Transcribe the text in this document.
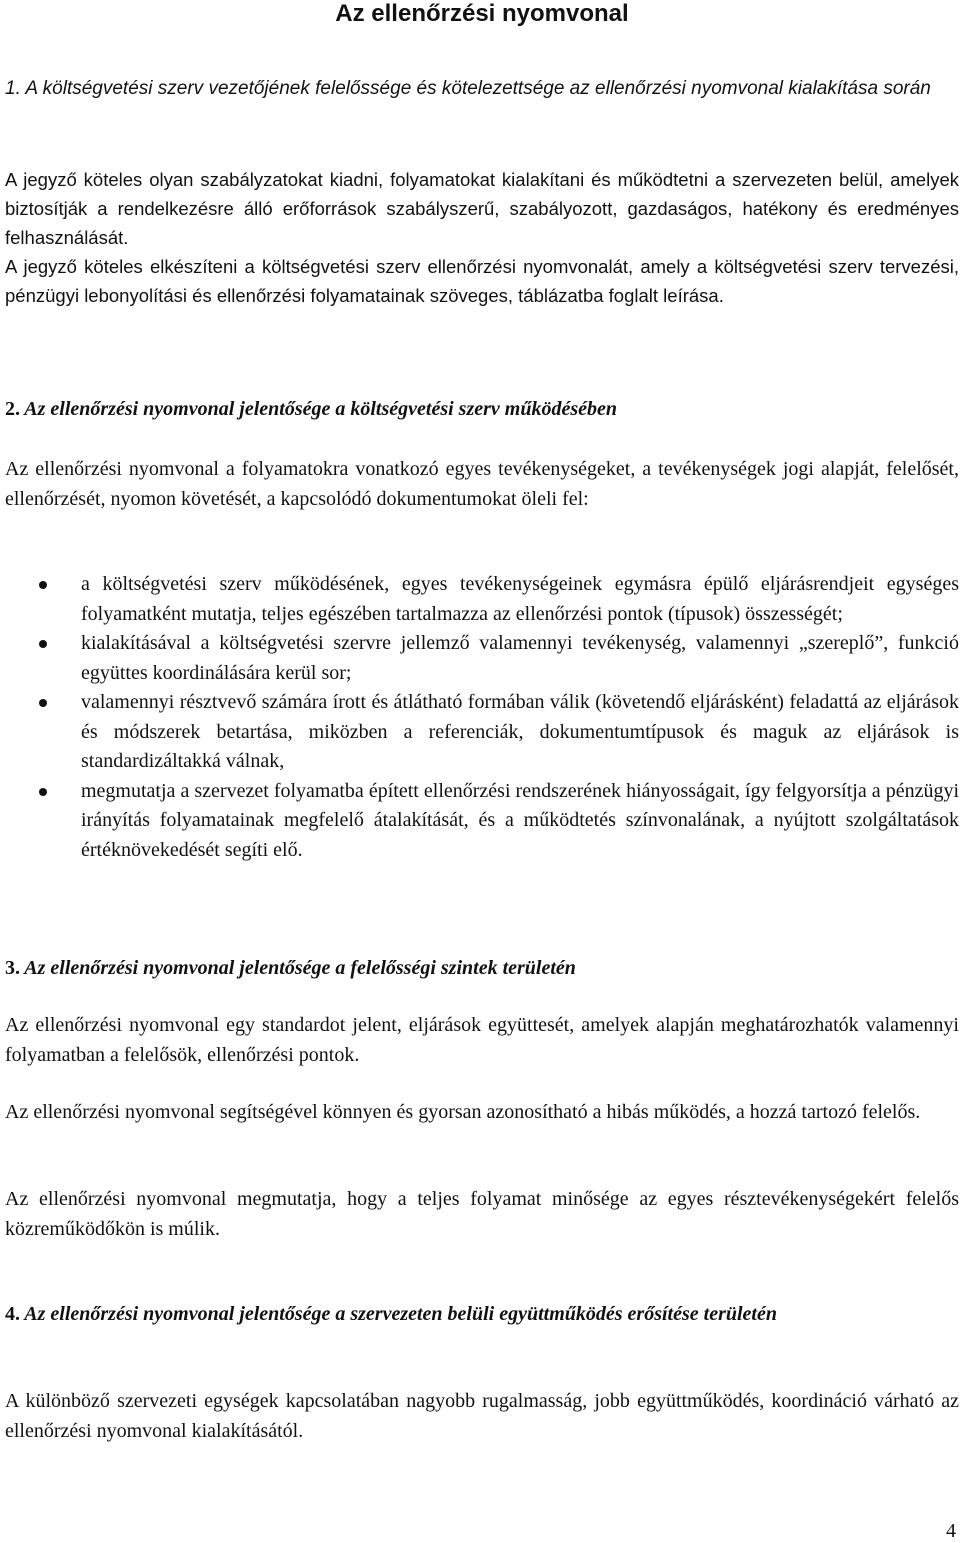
Az ellenőrzési nyomvonal

1. A költségvetési szerv vezetőjének felelőssége és kötelezettsége az ellenőrzési nyomvonal kialakítása során

A jegyző köteles olyan szabályzatokat kiadni, folyamatokat kialakítani és működtetni a szervezeten belül, amelyek biztosítják a rendelkezésre álló erőforrások szabályszerű, szabályozott, gazdaságos, hatékony és eredményes felhasználását.

A jegyző köteles elkészíteni a költségvetési szerv ellenőrzési nyomvonalát, amely a költségvetési szerv tervezési, pénzügyi lebonyolítási és ellenőrzési folyamatainak szöveges, táblázatba foglalt leírása.

2. Az ellenőrzési nyomvonal jelentősége a költségvetési szerv működésében

Az ellenőrzési nyomvonal a folyamatokra vonatkozó egyes tevékenységeket, a tevékenységek jogi alapját, felelősét, ellenőrzését, nyomon követését, a kapcsolódó dokumentumokat öleli fel:

a költségvetési szerv működésének, egyes tevékenységeinek egymásra épülő eljárásrendjeit egységes folyamatként mutatja, teljes egészében tartalmazza az ellenőrzési pontok (típusok) összességét;
kialakításával a költségvetési szervre jellemző valamennyi tevékenység, valamennyi „szereplő”, funkció együttes koordinálására kerül sor;
valamennyi résztvevő számára írott és átlátható formában válik (követendő eljárásként) feladattá az eljárások és módszerek betartása, miközben a referenciák, dokumentumtípusok és maguk az eljárások is standardizáltakká válnak,
megmutatja a szervezet folyamatba épített ellenőrzési rendszerének hiányosságait, így felgyorsítja a pénzügyi irányítás folyamatainak megfelelő átalakítását, és a működtetés színvonalának, a nyújtott szolgáltatások értéknövekedését segíti elő.

3. Az ellenőrzési nyomvonal jelentősége a felelősségi szintek területén

Az ellenőrzési nyomvonal egy standardot jelent, eljárások együttesét, amelyek alapján meghatározhatók valamennyi folyamatban a felelősök, ellenőrzési pontok.

Az ellenőrzési nyomvonal segítségével könnyen és gyorsan azonosítható a hibás működés, a hozzá tartozó felelős.

Az ellenőrzési nyomvonal megmutatja, hogy a teljes folyamat minősége az egyes résztevékenységekért felelős közreműködőkön is múlik.

4. Az ellenőrzési nyomvonal jelentősége a szervezeten belüli együttműködés erősítése területén

A különböző szervezeti egységek kapcsolatában nagyobb rugalmasság, jobb együttműködés, koordináció várható az ellenőrzési nyomvonal kialakításától.

4
